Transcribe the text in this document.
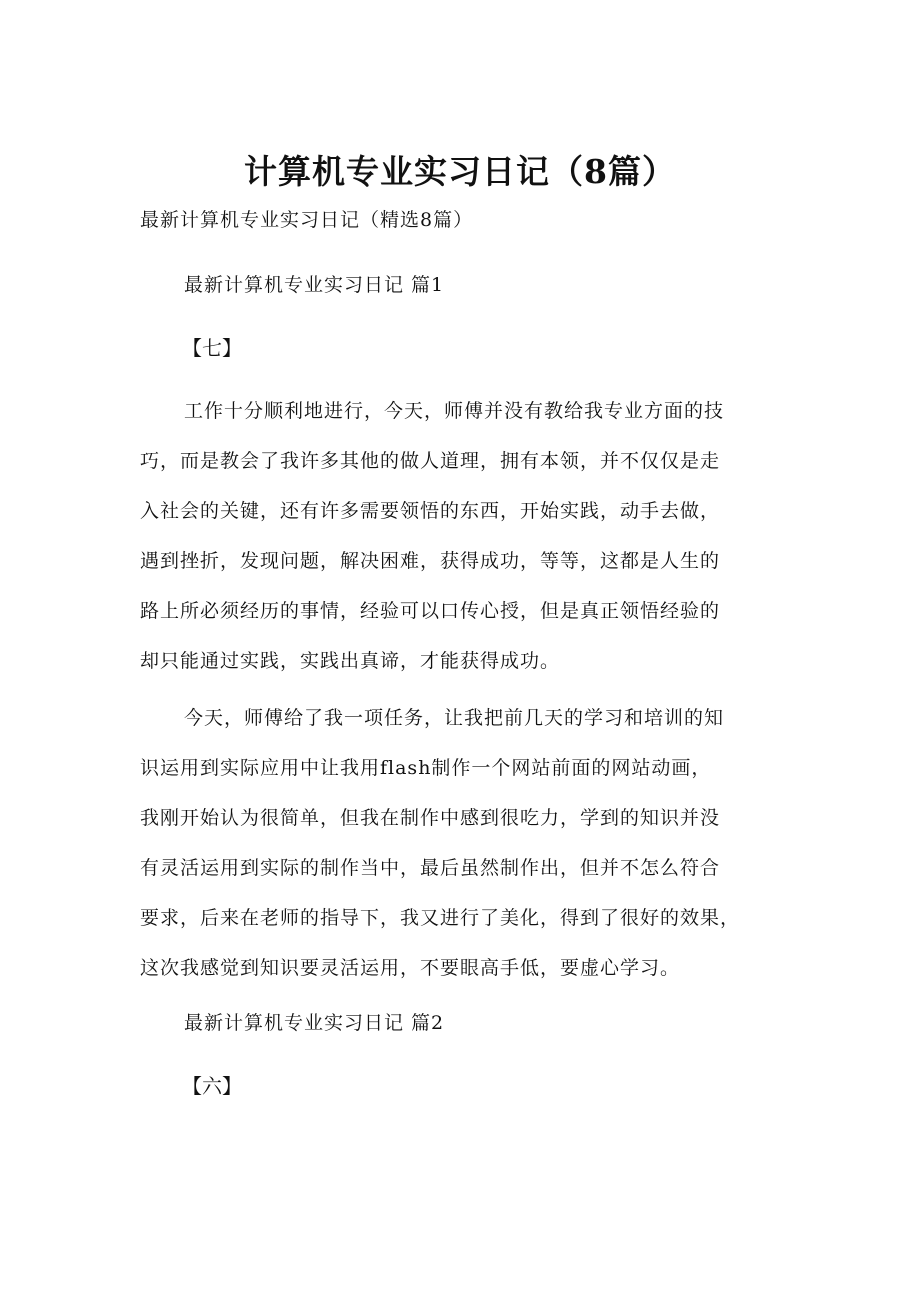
计算机专业实习日记（8篇）

最新计算机专业实习日记（精选8篇）

最新计算机专业实习日记 篇1

【七】

工作十分顺利地进行，今天，师傅并没有教给我专业方面的技
巧，而是教会了我许多其他的做人道理，拥有本领，并不仅仅是走
入社会的关键，还有许多需要领悟的东西，开始实践，动手去做，
遇到挫折，发现问题，解决困难，获得成功，等等，这都是人生的
路上所必须经历的事情，经验可以口传心授，但是真正领悟经验的
却只能通过实践，实践出真谛，才能获得成功。
今天，师傅给了我一项任务，让我把前几天的学习和培训的知
识运用到实际应用中让我用flash制作一个网站前面的网站动画，
我刚开始认为很简单，但我在制作中感到很吃力，学到的知识并没
有灵活运用到实际的制作当中，最后虽然制作出，但并不怎么符合
要求，后来在老师的指导下，我又进行了美化，得到了很好的效果，
这次我感觉到知识要灵活运用，不要眼高手低，要虚心学习。

最新计算机专业实习日记 篇2

【六】
